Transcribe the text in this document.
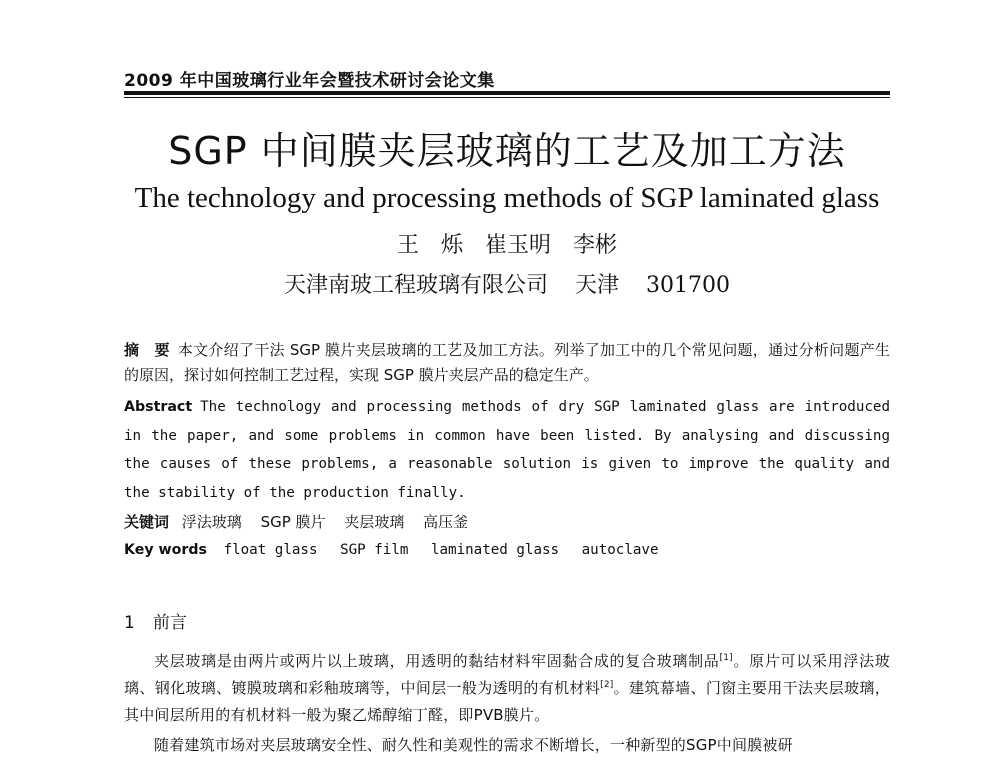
2009 年中国玻璃行业年会暨技术研讨会论文集
SGP 中间膜夹层玻璃的工艺及加工方法
The technology and processing methods of SGP laminated glass
王　烁　崔玉明　李彬
天津南玻工程玻璃有限公司 天津 301700
摘　要 本文介绍了干法 SGP 膜片夹层玻璃的工艺及加工方法。列举了加工中的几个常见问题，通过分析问题产生的原因，探讨如何控制工艺过程，实现 SGP 膜片夹层产品的稳定生产。
Abstract The technology and processing methods of dry SGP laminated glass are introduced in the paper, and some problems in common have been listed. By analysing and discussing the causes of these problems, a reasonable solution is given to improve the quality and the stability of the production finally.
关键词 浮法玻璃 SGP 膜片 夹层玻璃 高压釜
Key words float glass SGP film laminated glass autoclave
1 前言
夹层玻璃是由两片或两片以上玻璃，用透明的黏结材料牢固黏合成的复合玻璃制品[1]。原片可以采用浮法玻璃、钢化玻璃、镀膜玻璃和彩釉玻璃等，中间层一般为透明的有机材料[2]。建筑幕墙、门窗主要用干法夹层玻璃，其中间层所用的有机材料一般为聚乙烯醇缩丁醛，即PVB膜片。
随着建筑市场对夹层玻璃安全性、耐久性和美观性的需求不断增长，一种新型的SGP中间膜被研
